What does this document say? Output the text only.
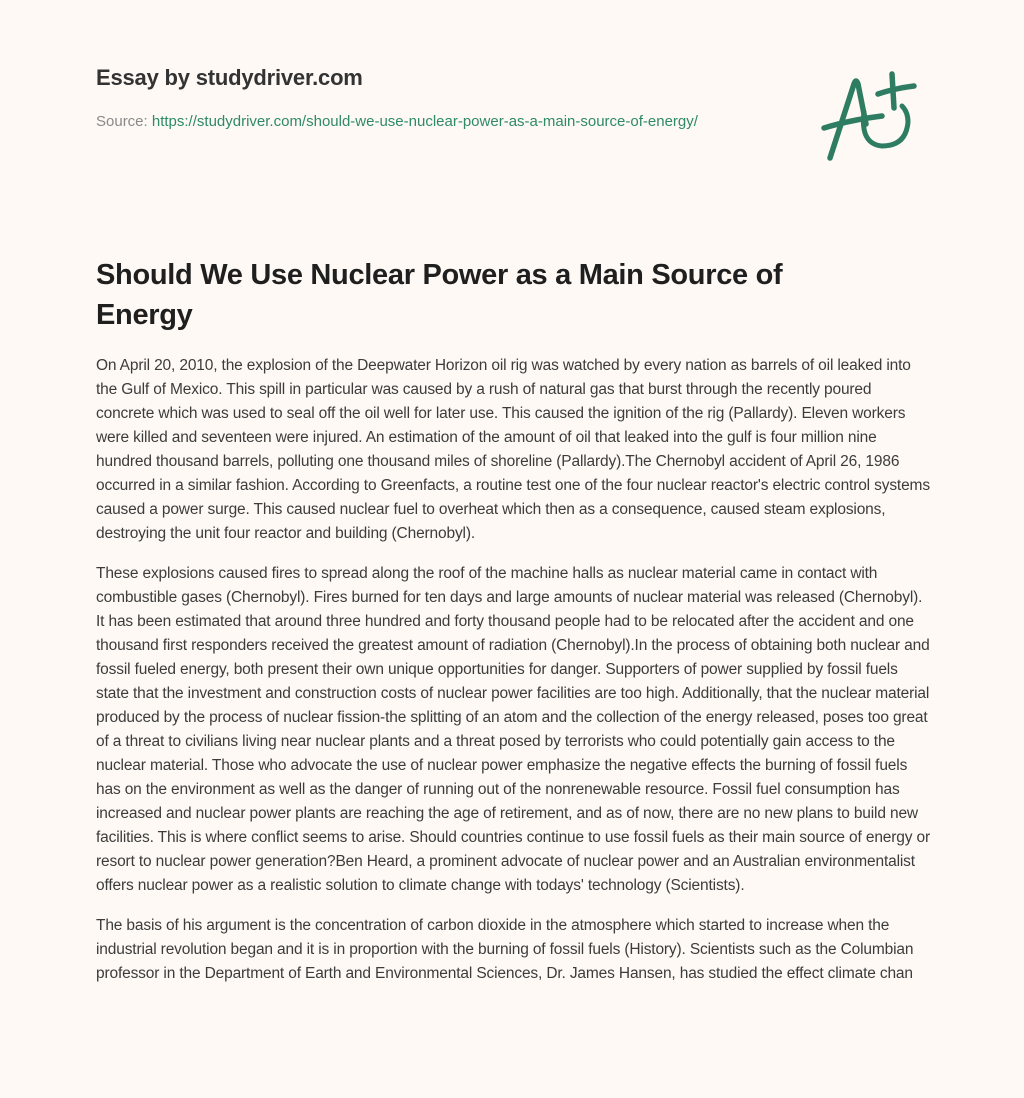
Essay by studydriver.com
Source: https://studydriver.com/should-we-use-nuclear-power-as-a-main-source-of-energy/
Should We Use Nuclear Power as a Main Source of Energy

On April 20, 2010, the explosion of the Deepwater Horizon oil rig was watched by every nation as barrels of oil leaked into the Gulf of Mexico. This spill in particular was caused by a rush of natural gas that burst through the recently poured concrete which was used to seal off the oil well for later use. This caused the ignition of the rig (Pallardy). Eleven workers were killed and seventeen were injured. An estimation of the amount of oil that leaked into the gulf is four million nine hundred thousand barrels, polluting one thousand miles of shoreline (Pallardy).The Chernobyl accident of April 26, 1986 occurred in a similar fashion. According to Greenfacts, a routine test one of the four nuclear reactor's electric control systems caused a power surge. This caused nuclear fuel to overheat which then as a consequence, caused steam explosions, destroying the unit four reactor and building (Chernobyl).

These explosions caused fires to spread along the roof of the machine halls as nuclear material came in contact with combustible gases (Chernobyl). Fires burned for ten days and large amounts of nuclear material was released (Chernobyl). It has been estimated that around three hundred and forty thousand people had to be relocated after the accident and one thousand first responders received the greatest amount of radiation (Chernobyl).In the process of obtaining both nuclear and fossil fueled energy, both present their own unique opportunities for danger. Supporters of power supplied by fossil fuels state that the investment and construction costs of nuclear power facilities are too high. Additionally, that the nuclear material produced by the process of nuclear fission-the splitting of an atom and the collection of the energy released, poses too great of a threat to civilians living near nuclear plants and a threat posed by terrorists who could potentially gain access to the nuclear material. Those who advocate the use of nuclear power emphasize the negative effects the burning of fossil fuels has on the environment as well as the danger of running out of the nonrenewable resource. Fossil fuel consumption has increased and nuclear power plants are reaching the age of retirement, and as of now, there are no new plans to build new facilities. This is where conflict seems to arise. Should countries continue to use fossil fuels as their main source of energy or resort to nuclear power generation?Ben Heard, a prominent advocate of nuclear power and an Australian environmentalist offers nuclear power as a realistic solution to climate change with todays' technology (Scientists).

The basis of his argument is the concentration of carbon dioxide in the atmosphere which started to increase when the industrial revolution began and it is in proportion with the burning of fossil fuels (History). Scientists such as the Columbian professor in the Department of Earth and Environmental Sciences, Dr. James Hansen, has studied the effect climate chan
